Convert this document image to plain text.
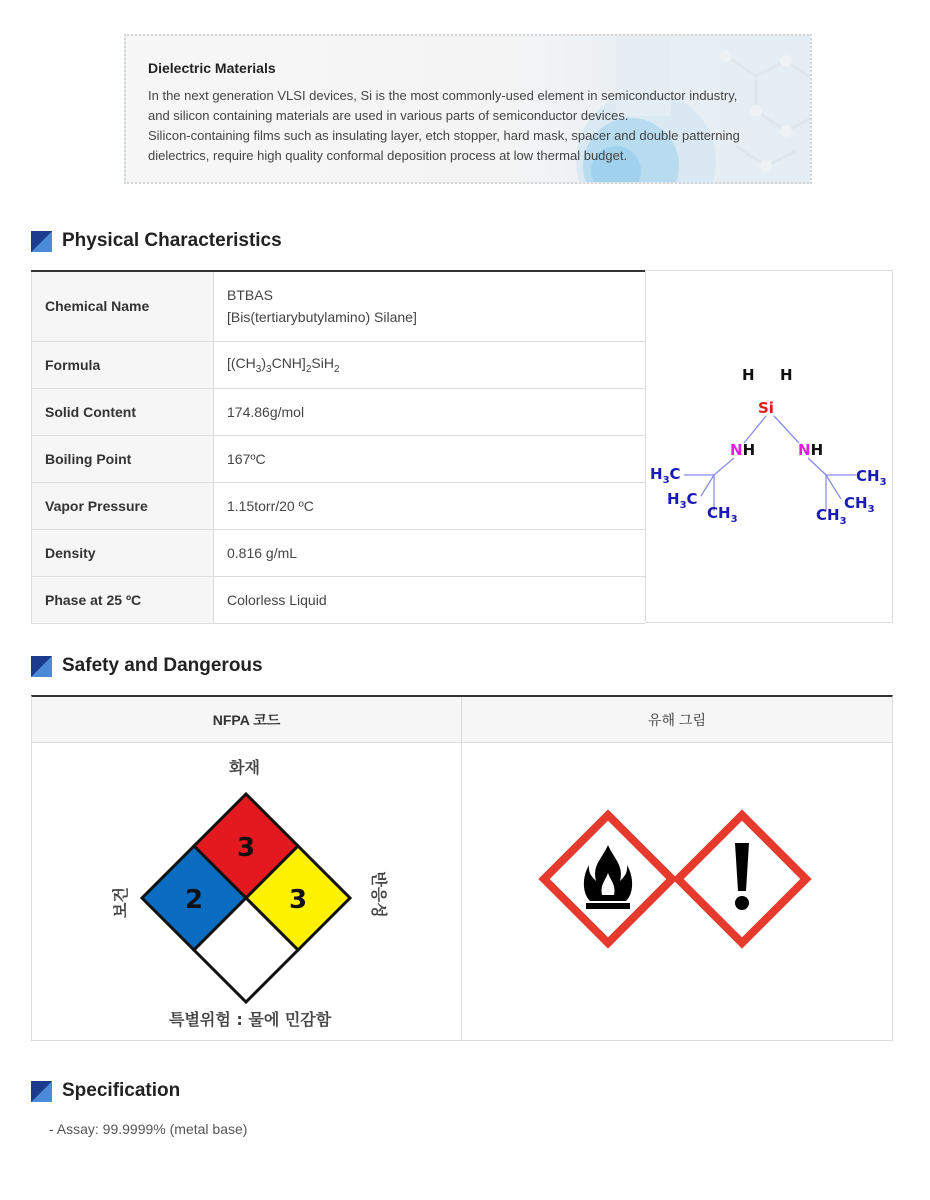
Dielectric Materials
In the next generation VLSI devices, Si is the most commonly-used element in semiconductor industry,
and silicon containing materials are used in various parts of semiconductor devices.
Silicon-containing films such as insulating layer, etch stopper, hard mask, spacer and double patterning
dielectrics, require high quality conformal deposition process at low thermal budget.
Physical Characteristics
Chemical Name	BTBAS
[Bis(tertiarybutylamino) Silane]

Formula	$[(CH_3)_3CNH]_2SiH_2$
Solid Content	174.86g/mol
Boiling Point	167ºC
Vapor Pressure	1.15torr/20 ºC
Density	0.816 g/mL
Phase at 25 ºC	Colorless Liquid
H H
Si
NH	NH
$H_3C$
$H_3C$
$CH_3$
$CH_3$
$CH_3$
$CH_3$
Safety and Dangerous
NFPA 코드	유해 그림
3
2	3
화재
보건	반응성
특별위험 : 물에 민감함
Specification
- Assay: 99.9999% (metal base)
